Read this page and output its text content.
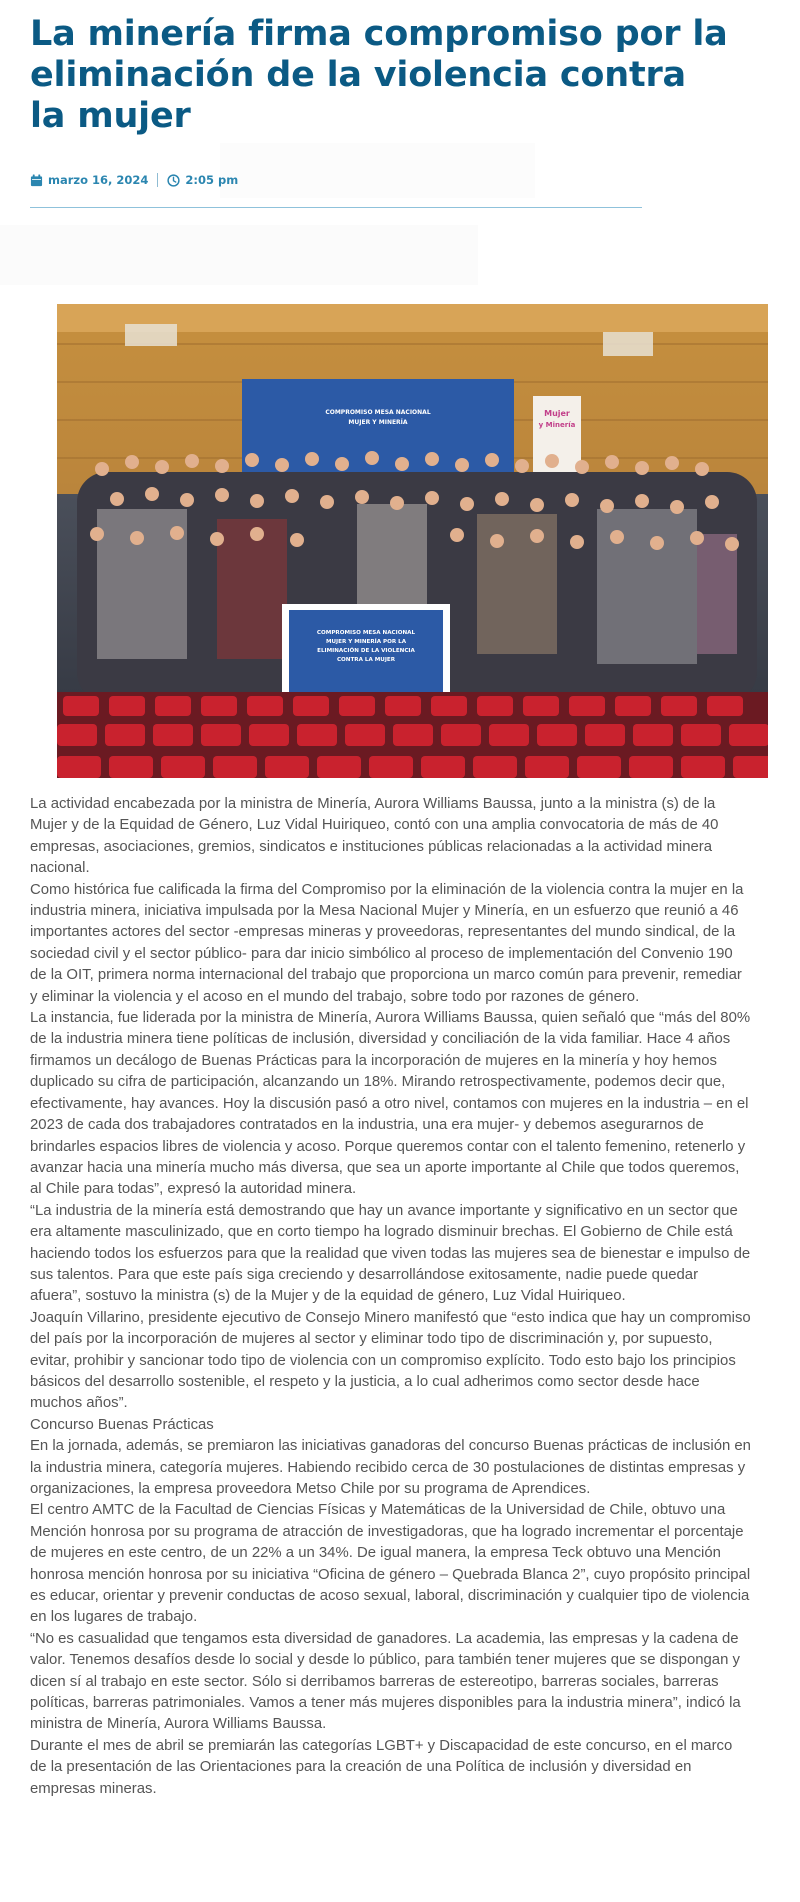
La minería firma compromiso por la eliminación de la violencia contra la mujer
marzo 16, 2024	2:05 pm
COMPROMISO MESA NACIONAL
MUJER Y MINERÍA
Mujer
y Minería
COMPROMISO MESA NACIONAL
MUJER Y MINERÍA POR LA
ELIMINACIÓN DE LA VIOLENCIA
CONTRA LA MUJER

La actividad encabezada por la ministra de Minería, Aurora Williams Baussa, junto a la ministra (s) de la Mujer y de la Equidad de Género, Luz Vidal Huiriqueo, contó con una amplia convocatoria de más de 40 empresas, asociaciones, gremios, sindicatos e instituciones públicas relacionadas a la actividad minera nacional.

Como histórica fue calificada la firma del Compromiso por la eliminación de la violencia contra la mujer en la industria minera, iniciativa impulsada por la Mesa Nacional Mujer y Minería, en un esfuerzo que reunió a 46 importantes actores del sector -empresas mineras y proveedoras, representantes del mundo sindical, de la sociedad civil y el sector público- para dar inicio simbólico al proceso de implementación del Convenio 190 de la OIT, primera norma internacional del trabajo que proporciona un marco común para prevenir, remediar y eliminar la violencia y el acoso en el mundo del trabajo, sobre todo por razones de género.

La instancia, fue liderada por la ministra de Minería, Aurora Williams Baussa, quien señaló que “más del 80% de la industria minera tiene políticas de inclusión, diversidad y conciliación de la vida familiar. Hace 4 años firmamos un decálogo de Buenas Prácticas para la incorporación de mujeres en la minería y hoy hemos duplicado su cifra de participación, alcanzando un 18%. Mirando retrospectivamente, podemos decir que, efectivamente, hay avances. Hoy la discusión pasó a otro nivel, contamos con mujeres en la industria – en el 2023 de cada dos trabajadores contratados en la industria, una era mujer- y debemos asegurarnos de brindarles espacios libres de violencia y acoso. Porque queremos contar con el talento femenino, retenerlo y avanzar hacia una minería mucho más diversa, que sea un aporte importante al Chile que todos queremos, al Chile para todas”, expresó la autoridad minera.

“La industria de la minería está demostrando que hay un avance importante y significativo en un sector que era altamente masculinizado, que en corto tiempo ha logrado disminuir brechas. El Gobierno de Chile está haciendo todos los esfuerzos para que la realidad que viven todas las mujeres sea de bienestar e impulso de sus talentos. Para que este país siga creciendo y desarrollándose exitosamente, nadie puede quedar afuera”, sostuvo la ministra (s) de la Mujer y de la equidad de género, Luz Vidal Huiriqueo.

Joaquín Villarino, presidente ejecutivo de Consejo Minero manifestó que “esto indica que hay un compromiso del país por la incorporación de mujeres al sector y eliminar todo tipo de discriminación y, por supuesto, evitar, prohibir y sancionar todo tipo de violencia con un compromiso explícito. Todo esto bajo los principios básicos del desarrollo sostenible, el respeto y la justicia, a lo cual adherimos como sector desde hace muchos años”.

Concurso Buenas Prácticas

En la jornada, además, se premiaron las iniciativas ganadoras del concurso Buenas prácticas de inclusión en la industria minera, categoría mujeres. Habiendo recibido cerca de 30 postulaciones de distintas empresas y organizaciones, la empresa proveedora Metso Chile por su programa de Aprendices.

El centro AMTC de la Facultad de Ciencias Físicas y Matemáticas de la Universidad de Chile, obtuvo una Mención honrosa por su programa de atracción de investigadoras, que ha logrado incrementar el porcentaje de mujeres en este centro, de un 22% a un 34%. De igual manera, la empresa Teck obtuvo una Mención honrosa mención honrosa por su iniciativa “Oficina de género – Quebrada Blanca 2”, cuyo propósito principal es educar, orientar y prevenir conductas de acoso sexual, laboral, discriminación y cualquier tipo de violencia en los lugares de trabajo.

“No es casualidad que tengamos esta diversidad de ganadores. La academia, las empresas y la cadena de valor. Tenemos desafíos desde lo social y desde lo público, para también tener mujeres que se dispongan y dicen sí al trabajo en este sector. Sólo si derribamos barreras de estereotipo, barreras sociales, barreras políticas, barreras patrimoniales. Vamos a tener más mujeres disponibles para la industria minera”, indicó la ministra de Minería, Aurora Williams Baussa.

Durante el mes de abril se premiarán las categorías LGBT+ y Discapacidad de este concurso, en el marco de la presentación de las Orientaciones para la creación de una Política de inclusión y diversidad en empresas mineras.
